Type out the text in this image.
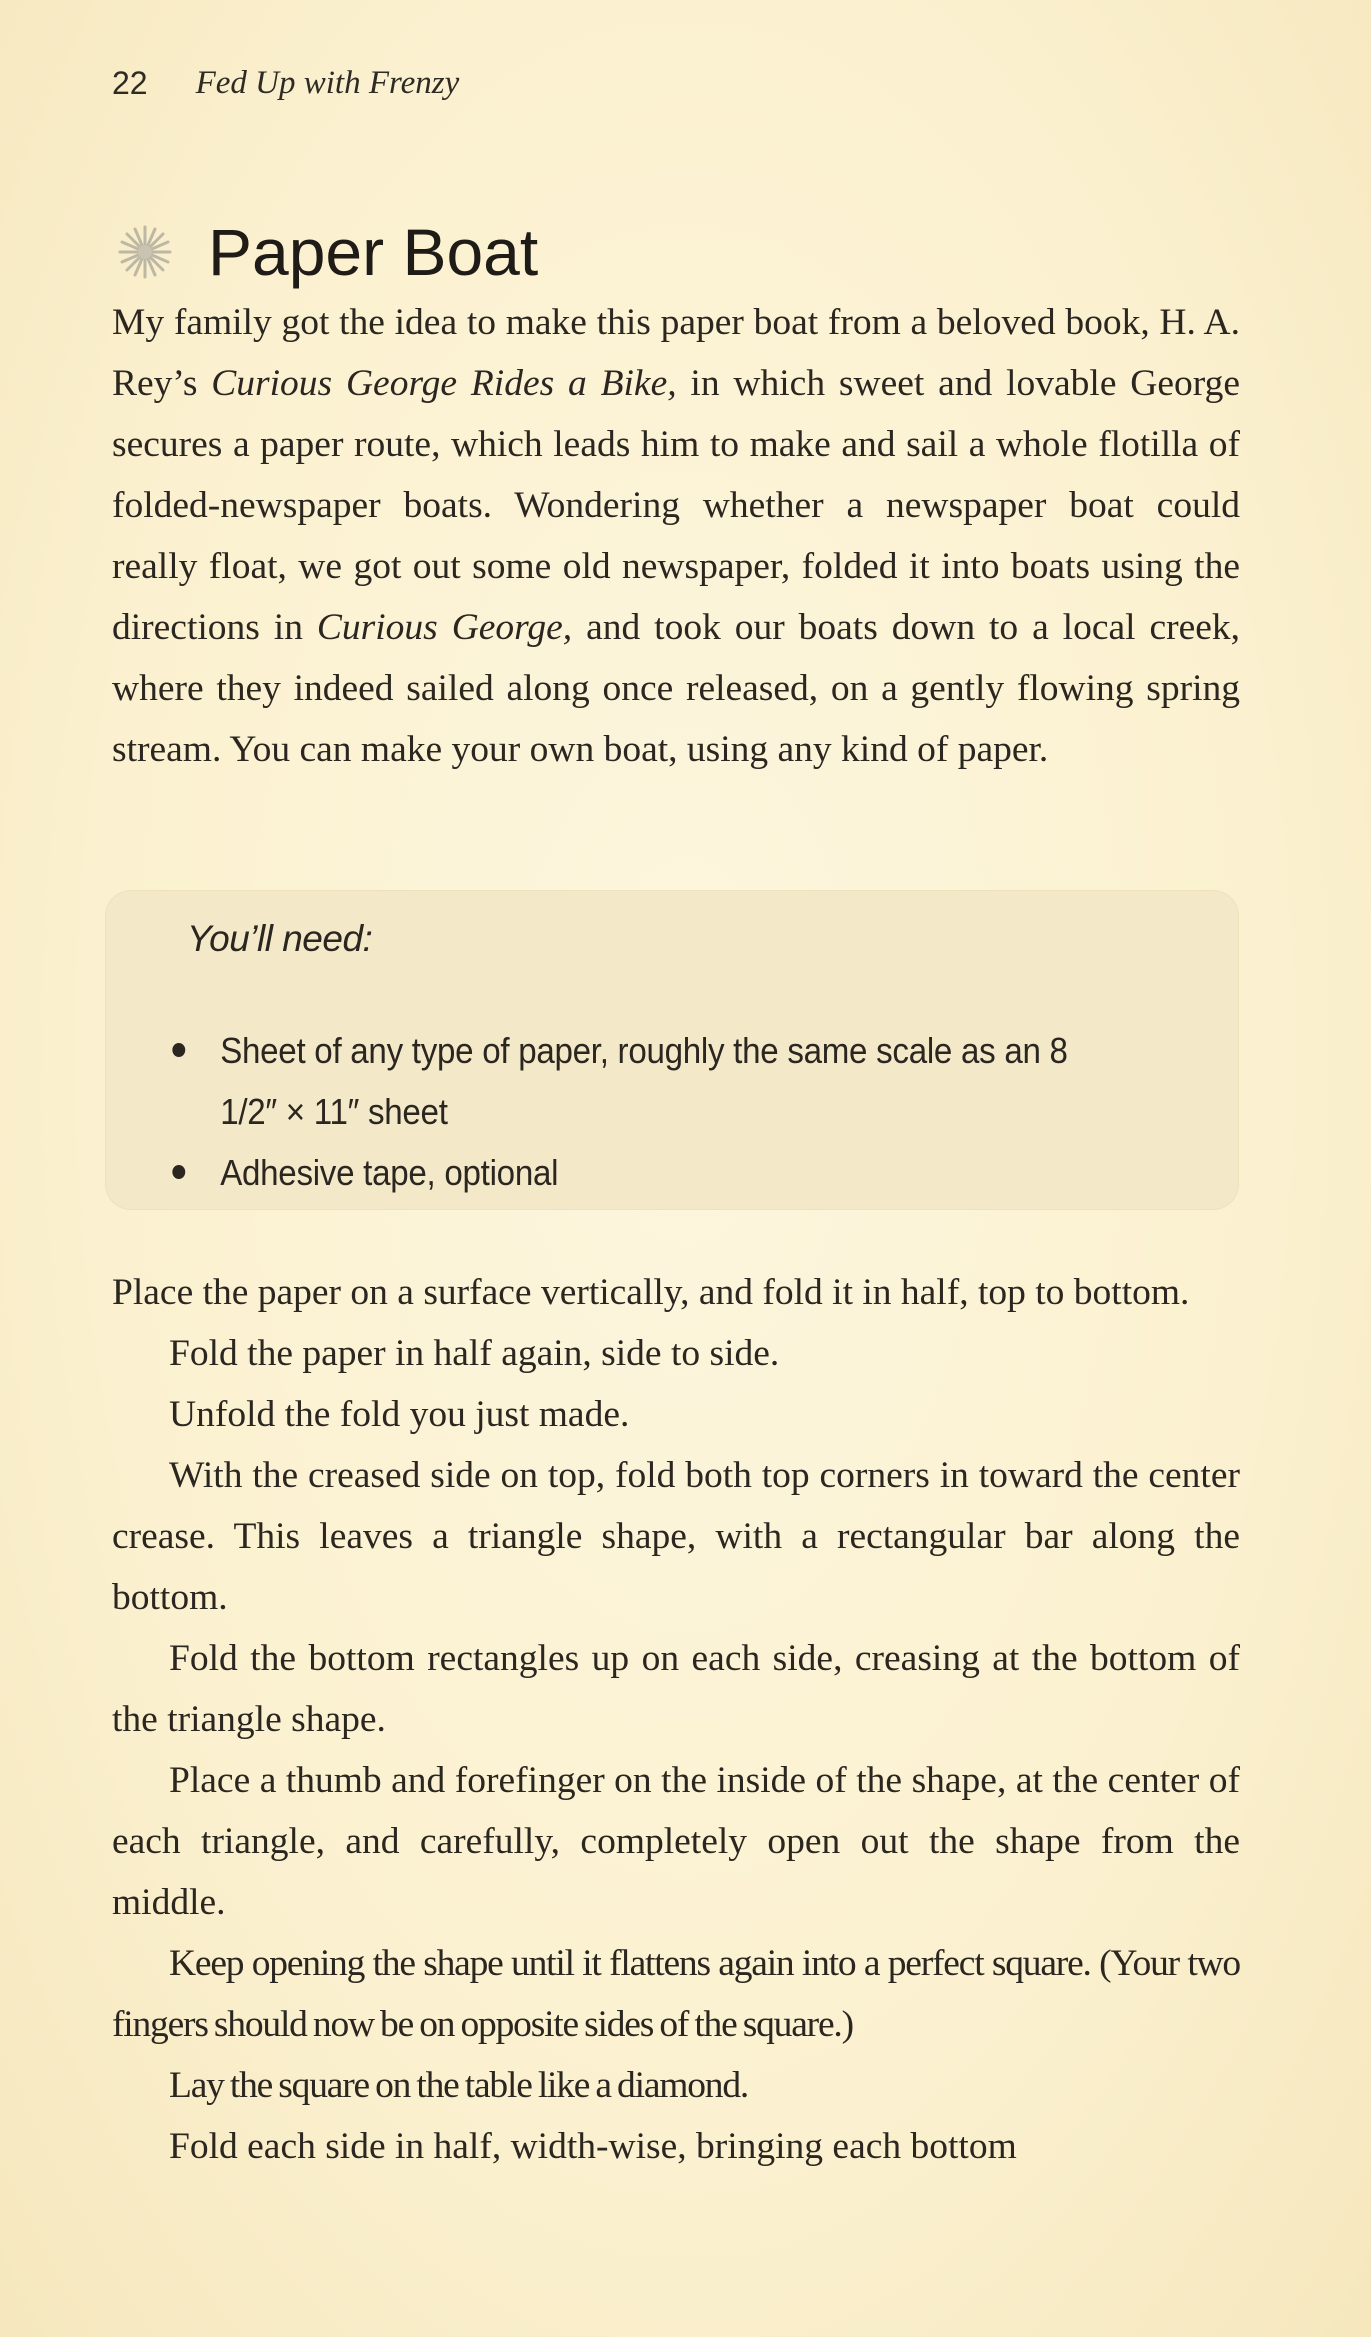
22 Fed Up with Frenzy
Paper Boat

My family got the idea to make this paper boat from a beloved book, H. A. Rey’s Curious George Rides a Bike, in which sweet and lovable George secures a paper route, which leads him to make and sail a whole flotilla of folded-newspaper boats. Wondering whether a newspaper boat could really float, we got out some old newspaper, folded it into boats using the directions in Curious George, and took our boats down to a local creek, where they indeed sailed along once released, on a gently flowing spring stream. You can make your own boat, using any kind of paper.

You’ll need:
Sheet of any type of paper, roughly the same scale as an 8 1/2″ × 11″ sheet
Adhesive tape, optional

Place the paper on a surface vertically, and fold it in half, top to bottom.

Fold the paper in half again, side to side.

Unfold the fold you just made.

With the creased side on top, fold both top corners in toward the center crease. This leaves a triangle shape, with a rectangular bar along the bottom.

Fold the bottom rectangles up on each side, creasing at the bottom of the triangle shape.

Place a thumb and forefinger on the inside of the shape, at the center of each triangle, and carefully, completely open out the shape from the middle.

Keep opening the shape until it flattens again into a perfect square. (Your two fingers should now be on opposite sides of the square.)

Lay the square on the table like a diamond.

Fold each side in half, width-wise, bringing each bottom
